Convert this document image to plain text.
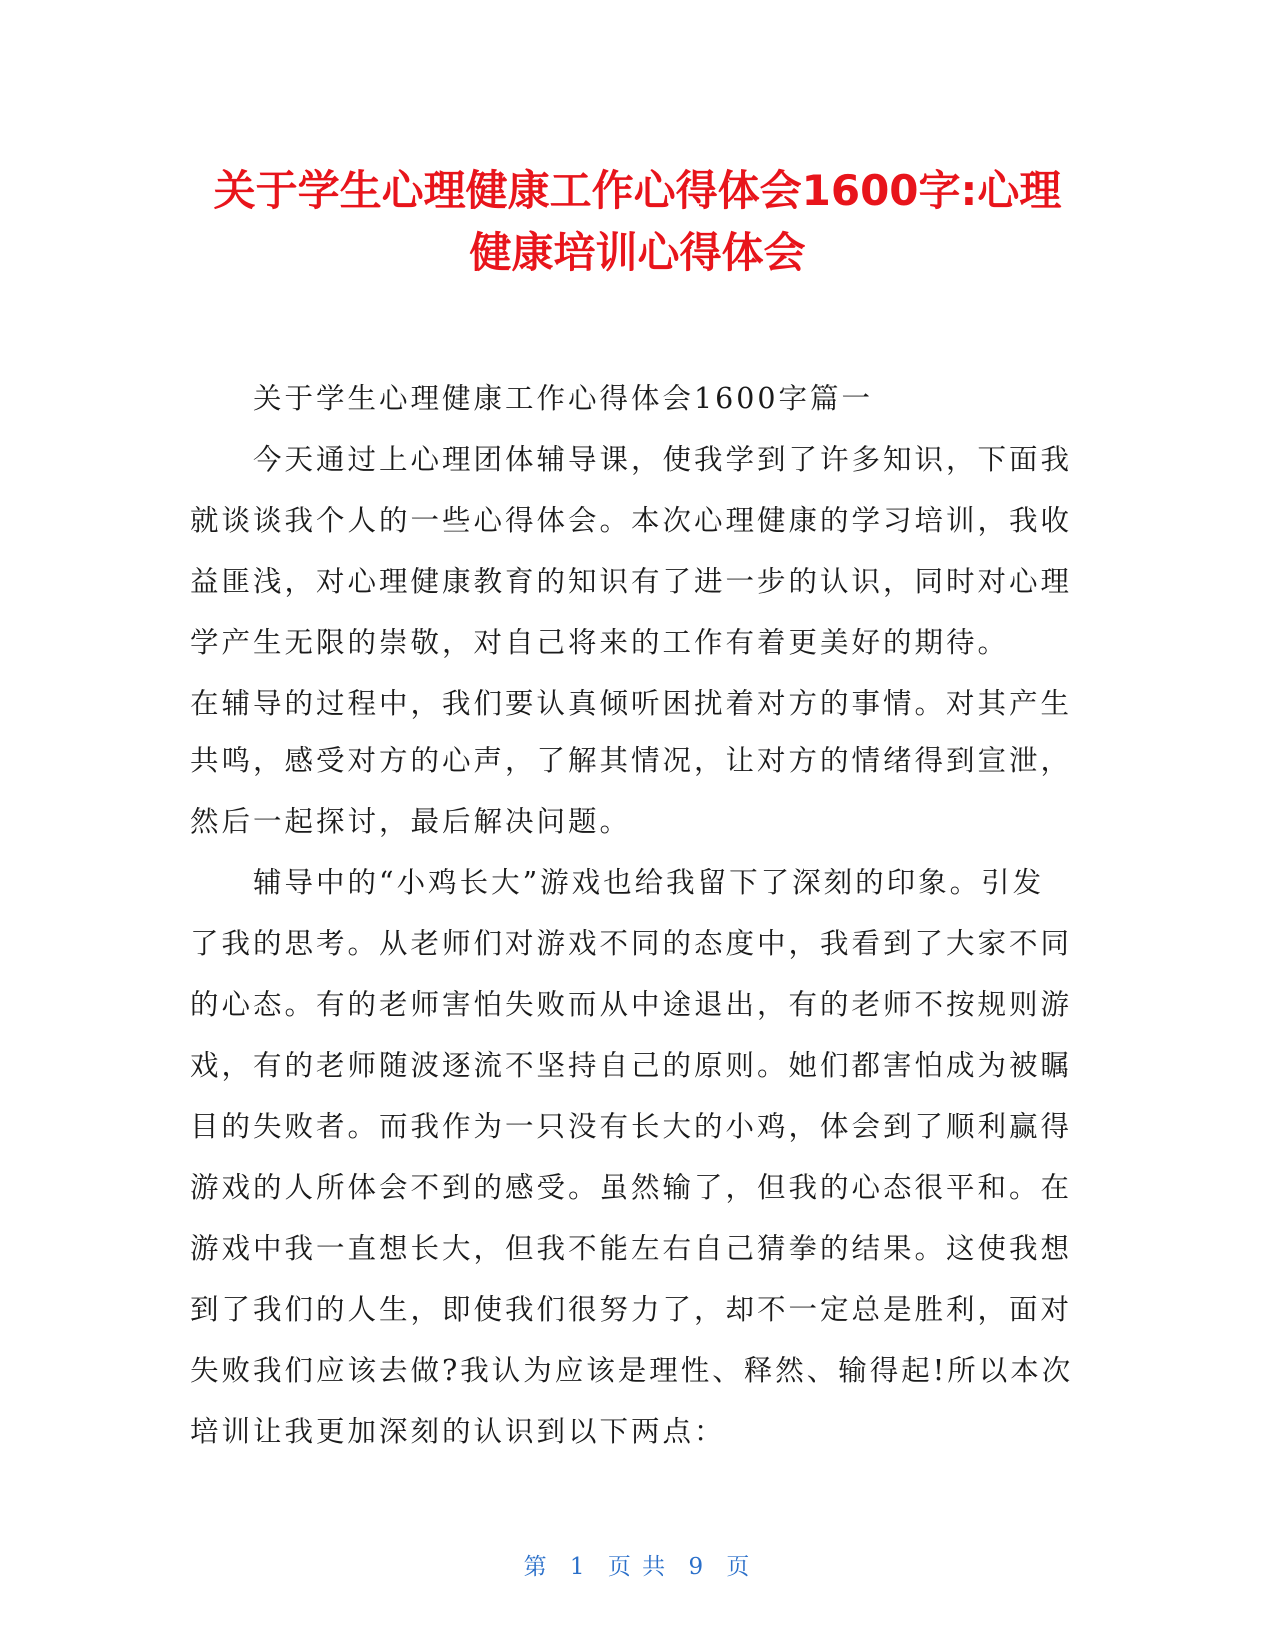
关于学生心理健康工作心得体会1600字:心理
健康培训心得体会
　　关于学生心理健康工作心得体会1600字篇一
　　今天通过上心理团体辅导课，使我学到了许多知识，下面我
就谈谈我个人的一些心得体会。本次心理健康的学习培训，我收
益匪浅，对心理健康教育的知识有了进一步的认识，同时对心理
学产生无限的崇敬，对自己将来的工作有着更美好的期待。
在辅导的过程中，我们要认真倾听困扰着对方的事情。对其产生
共鸣，感受对方的心声，了解其情况，让对方的情绪得到宣泄，
然后一起探讨，最后解决问题。
　　辅导中的“小鸡长大”游戏也给我留下了深刻的印象。引发
了我的思考。从老师们对游戏不同的态度中，我看到了大家不同
的心态。有的老师害怕失败而从中途退出，有的老师不按规则游
戏，有的老师随波逐流不坚持自己的原则。她们都害怕成为被瞩
目的失败者。而我作为一只没有长大的小鸡，体会到了顺利赢得
游戏的人所体会不到的感受。虽然输了，但我的心态很平和。在
游戏中我一直想长大，但我不能左右自己猜拳的结果。这使我想
到了我们的人生，即使我们很努力了，却不一定总是胜利，面对
失败我们应该去做?我认为应该是理性、释然、输得起!所以本次
培训让我更加深刻的认识到以下两点：
第 1 页 共 9 页
